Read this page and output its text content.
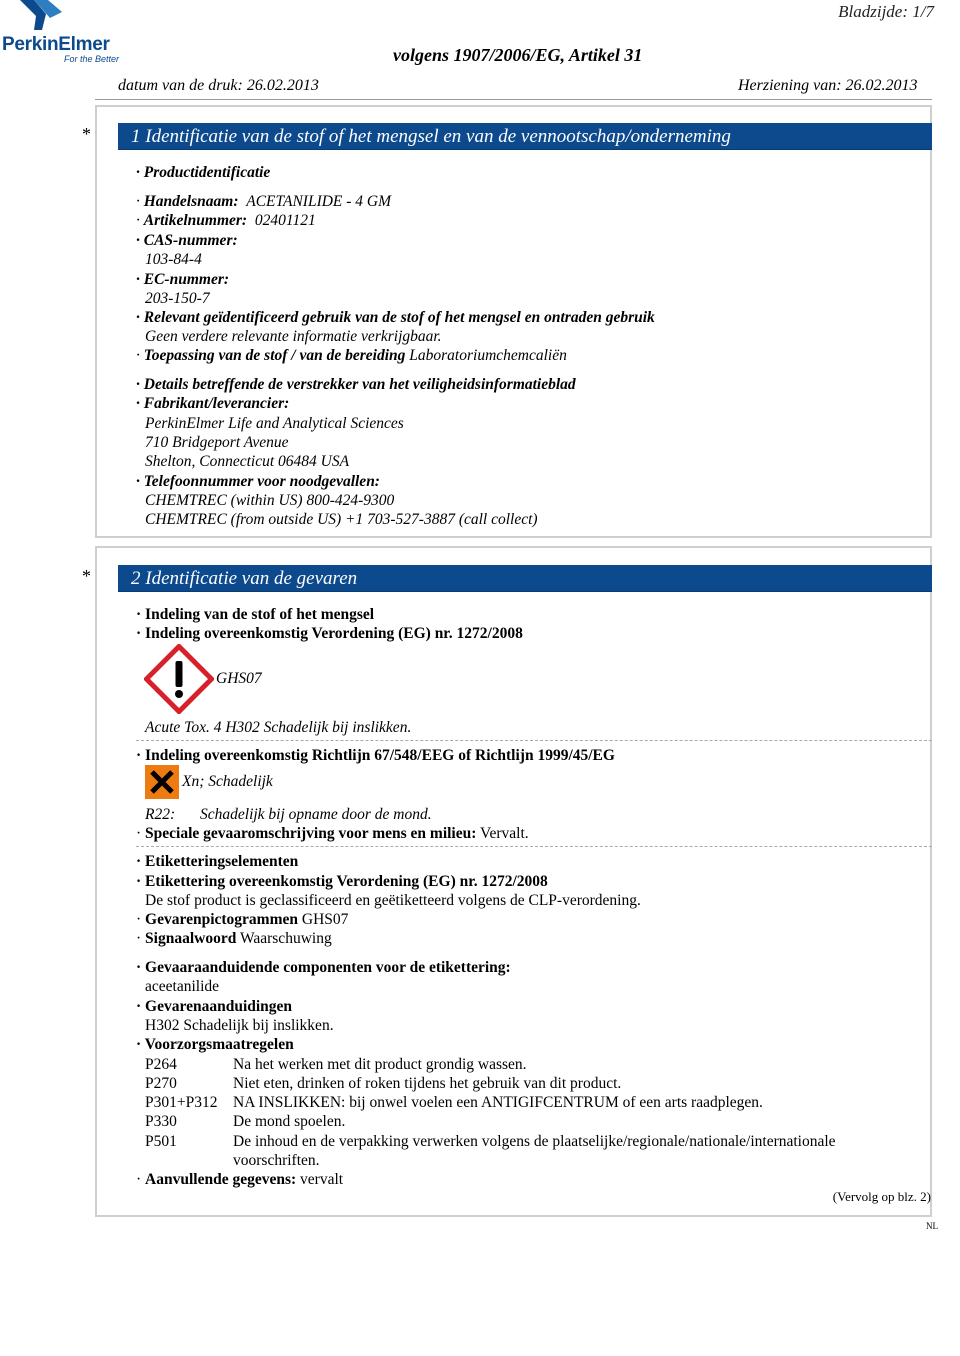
PerkinElmer
For the Better
Bladzijde: 1/7
volgens 1907/2006/EG, Artikel 31
datum van de druk: 26.02.2013	Herziening van: 26.02.2013
*	1 Identificatie van de stof of het mengsel en van de vennootschap/onderneming
· Productidentificatie
· Handelsnaam: ACETANILIDE - 4 GM
· Artikelnummer: 02401121
· CAS-nummer:
103-84-4
· EC-nummer:
203-150-7
· Relevant geïdentificeerd gebruik van de stof of het mengsel en ontraden gebruik
Geen verdere relevante informatie verkrijgbaar.
· Toepassing van de stof / van de bereiding Laboratoriumchemcaliën
· Details betreffende de verstrekker van het veiligheidsinformatieblad
· Fabrikant/leverancier:
PerkinElmer Life and Analytical Sciences
710 Bridgeport Avenue
Shelton, Connecticut 06484 USA
· Telefoonnummer voor noodgevallen:
CHEMTREC (within US) 800-424-9300
CHEMTREC (from outside US) +1 703-527-3887 (call collect)
*	2 Identificatie van de gevaren
· Indeling van de stof of het mengsel
· Indeling overeenkomstig Verordening (EG) nr. 1272/2008
GHS07
Acute Tox. 4 H302 Schadelijk bij inslikken.
· Indeling overeenkomstig Richtlijn 67/548/EEG of Richtlijn 1999/45/EG
Xn; Schadelijk
R22: Schadelijk bij opname door de mond.
· Speciale gevaaromschrijving voor mens en milieu: Vervalt.
· Etiketteringselementen
· Etikettering overeenkomstig Verordening (EG) nr. 1272/2008
De stof product is geclassificeerd en geëtiketteerd volgens de CLP-verordening.
· Gevarenpictogrammen GHS07
· Signaalwoord Waarschuwing
· Gevaaraanduidende componenten voor de etikettering:
aceetanilide
· Gevarenaanduidingen
H302 Schadelijk bij inslikken.
· Voorzorgsmaatregelen
P264	Na het werken met dit product grondig wassen.
P270	Niet eten, drinken of roken tijdens het gebruik van dit product.
P301+P312 NA INSLIKKEN: bij onwel voelen een ANTIGIFCENTRUM of een arts raadplegen.
P330	De mond spoelen.
P501	De inhoud en de verpakking verwerken volgens de plaatselijke/regionale/nationale/internationale
voorschriften.
· Aanvullende gegevens: vervalt
(Vervolg op blz. 2)
NL
